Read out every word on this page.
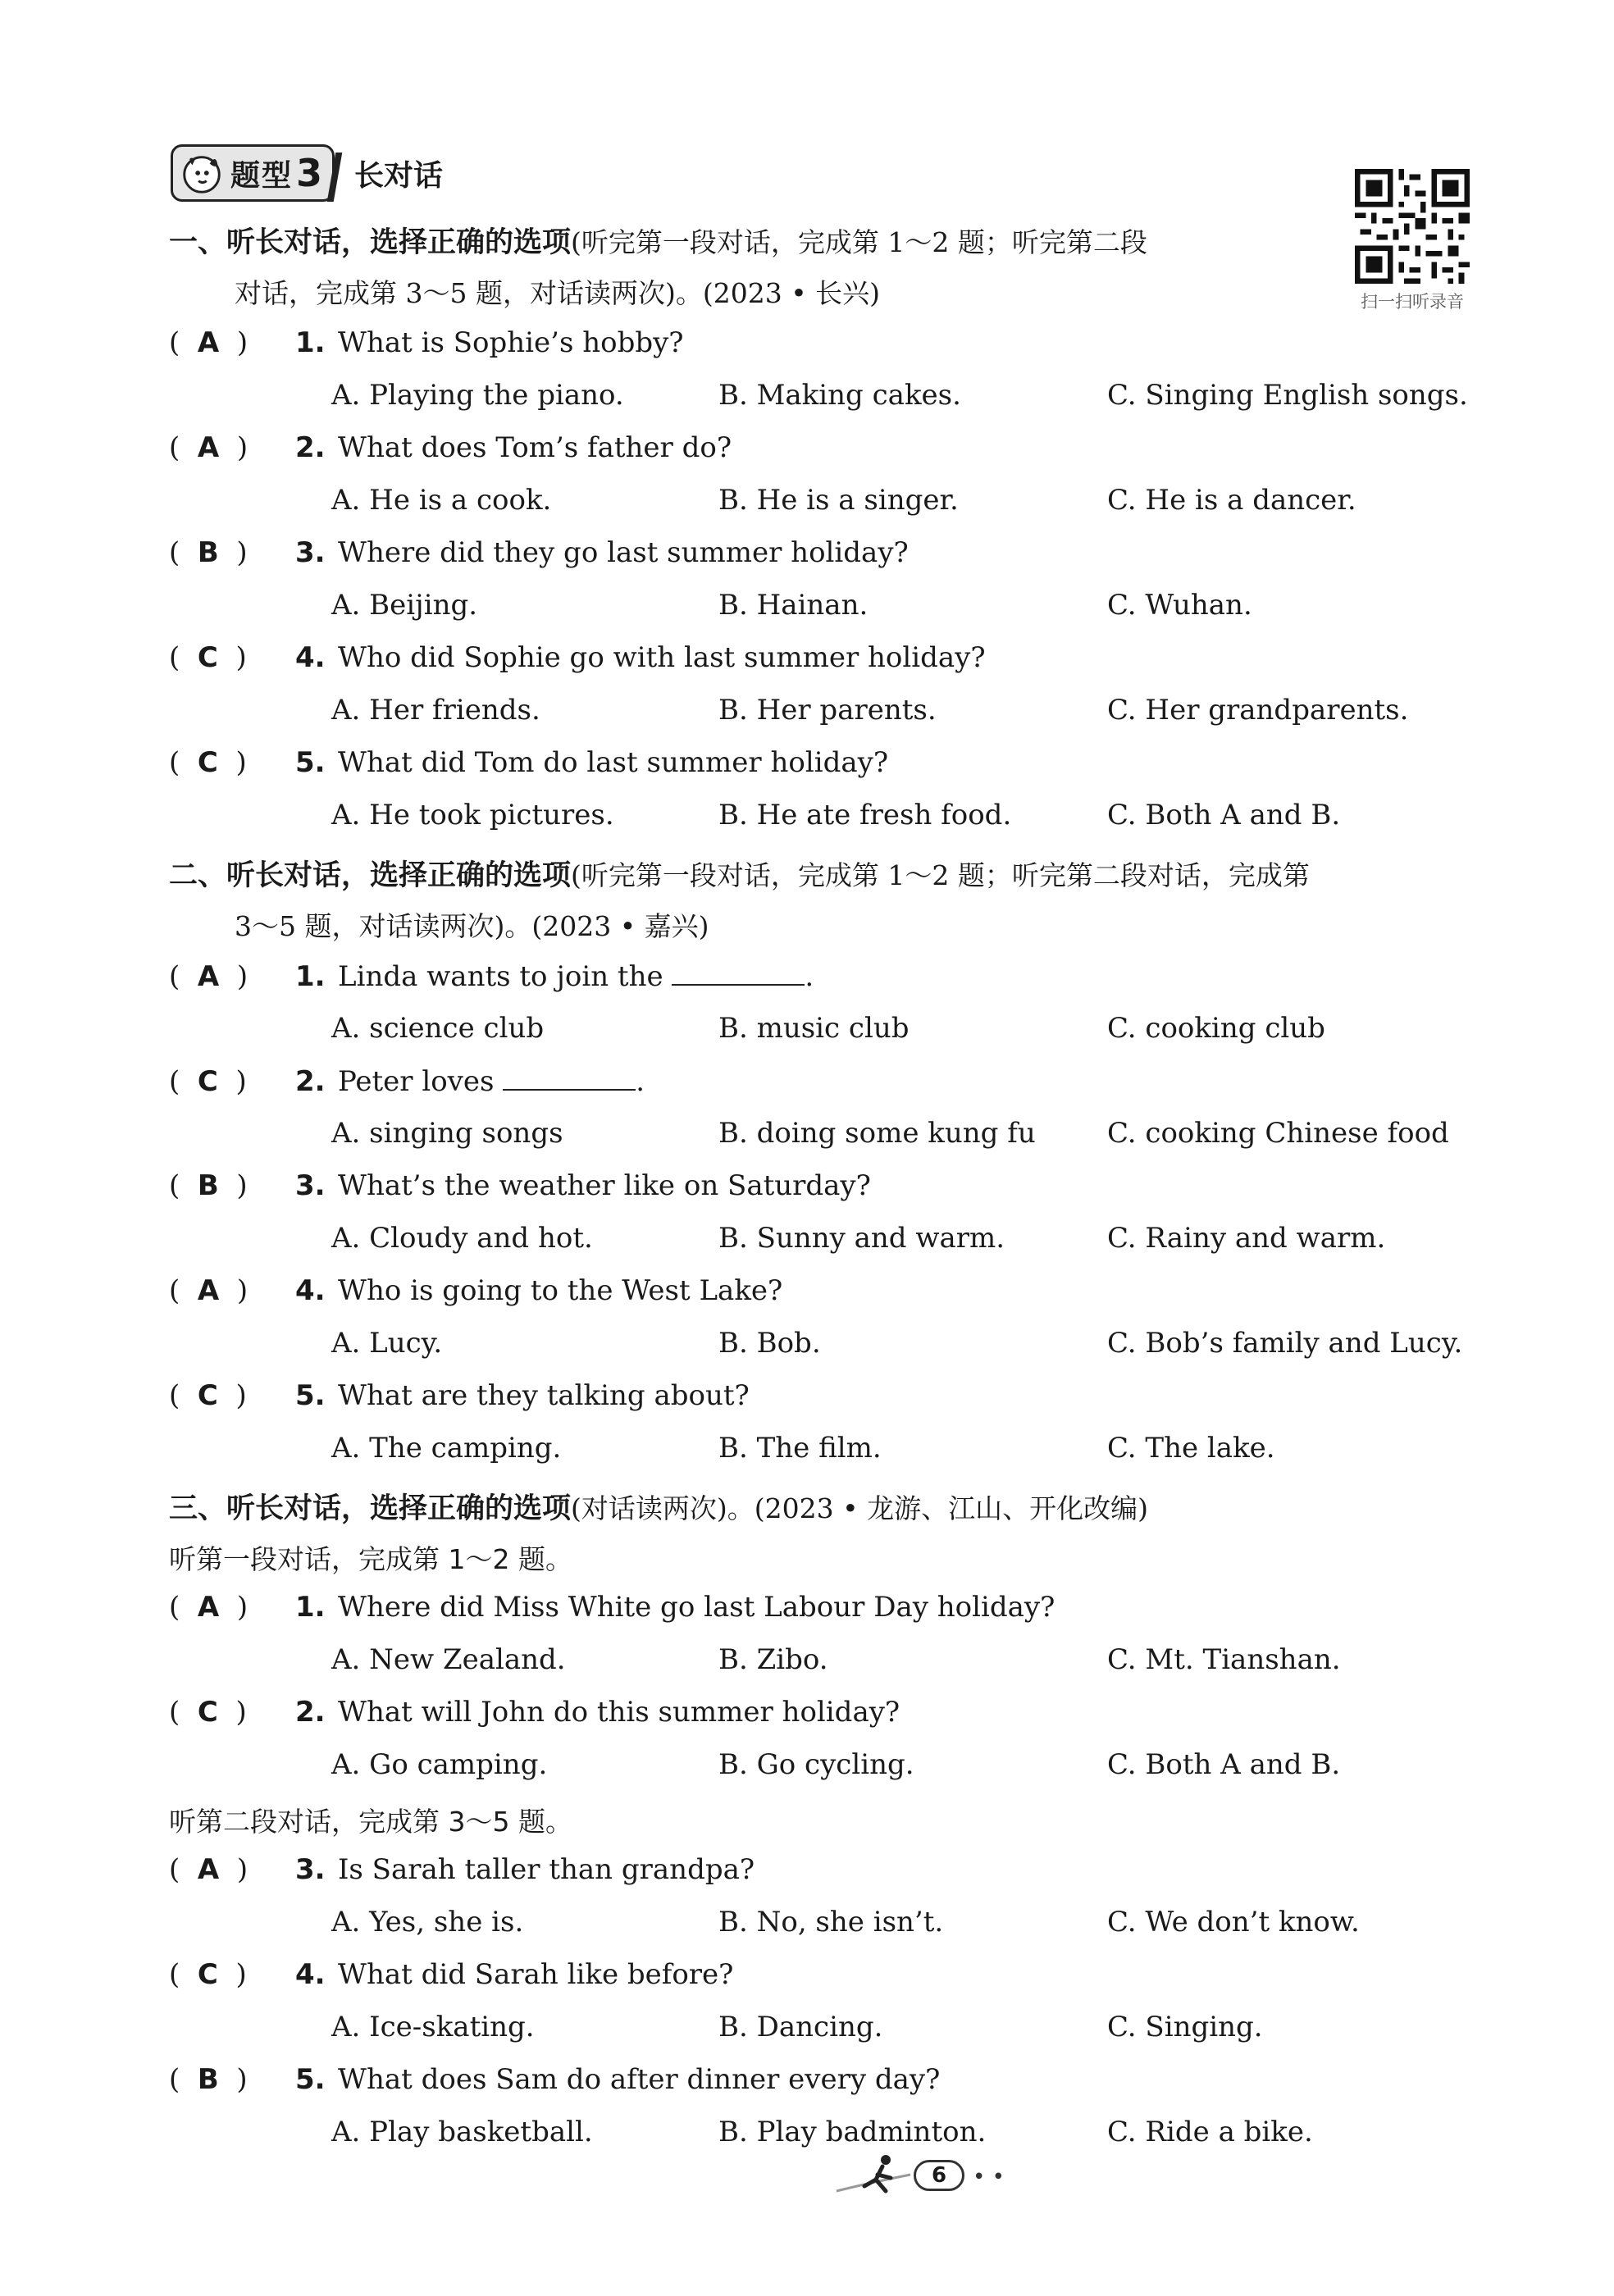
题型 3 长对话
扫一扫听录音
一、听长对话，选择正确的选项(听完第一段对话，完成第 1～2 题；听完第二段
对话，完成第 3～5 题，对话读两次)。(2023 • 长兴)
(  A  ) 1. What is Sophie’s hobby?
A. Playing the piano.	B. Making cakes.	C. Singing English songs.
(  A  ) 2. What does Tom’s father do?
A. He is a cook.	B. He is a singer.	C. He is a dancer.
(  B  ) 3. Where did they go last summer holiday?
A. Beijing.	B. Hainan.	C. Wuhan.
(  C  ) 4. Who did Sophie go with last summer holiday?
A. Her friends.	B. Her parents.	C. Her grandparents.
(  C  ) 5. What did Tom do last summer holiday?
A. He took pictures.	B. He ate fresh food.	C. Both A and B.
二、听长对话，选择正确的选项(听完第一段对话，完成第 1～2 题；听完第二段对话，完成第
3～5 题，对话读两次)。(2023 • 嘉兴)
(  A  ) 1. Linda wants to join the	.
A. science club	B. music club	C. cooking club
(  C  ) 2. Peter loves	.
A. singing songs	B. doing some kung fu	C. cooking Chinese food
(  B  ) 3. What’s the weather like on Saturday?
A. Cloudy and hot.	B. Sunny and warm.	C. Rainy and warm.
(  A  ) 4. Who is going to the West Lake?
A. Lucy.	B. Bob.	C. Bob’s family and Lucy.
(  C  ) 5. What are they talking about?
A. The camping.	B. The film.	C. The lake.
三、听长对话，选择正确的选项(对话读两次)。(2023 • 龙游、江山、开化改编)
听第一段对话，完成第 1～2 题。
(  A  ) 1. Where did Miss White go last Labour Day holiday?
A. New Zealand.	B. Zibo.	C. Mt. Tianshan.
(  C  ) 2. What will John do this summer holiday?
A. Go camping.	B. Go cycling.	C. Both A and B.
听第二段对话，完成第 3～5 题。
(  A  ) 3. Is Sarah taller than grandpa?
A. Yes, she is.	B. No, she isn’t.	C. We don’t know.
(  C  ) 4. What did Sarah like before?
A. Ice-skating.	B. Dancing.	C. Singing.
(  B  ) 5. What does Sam do after dinner every day?
A. Play basketball.	B. Play badminton.	C. Ride a bike.
6	• •
